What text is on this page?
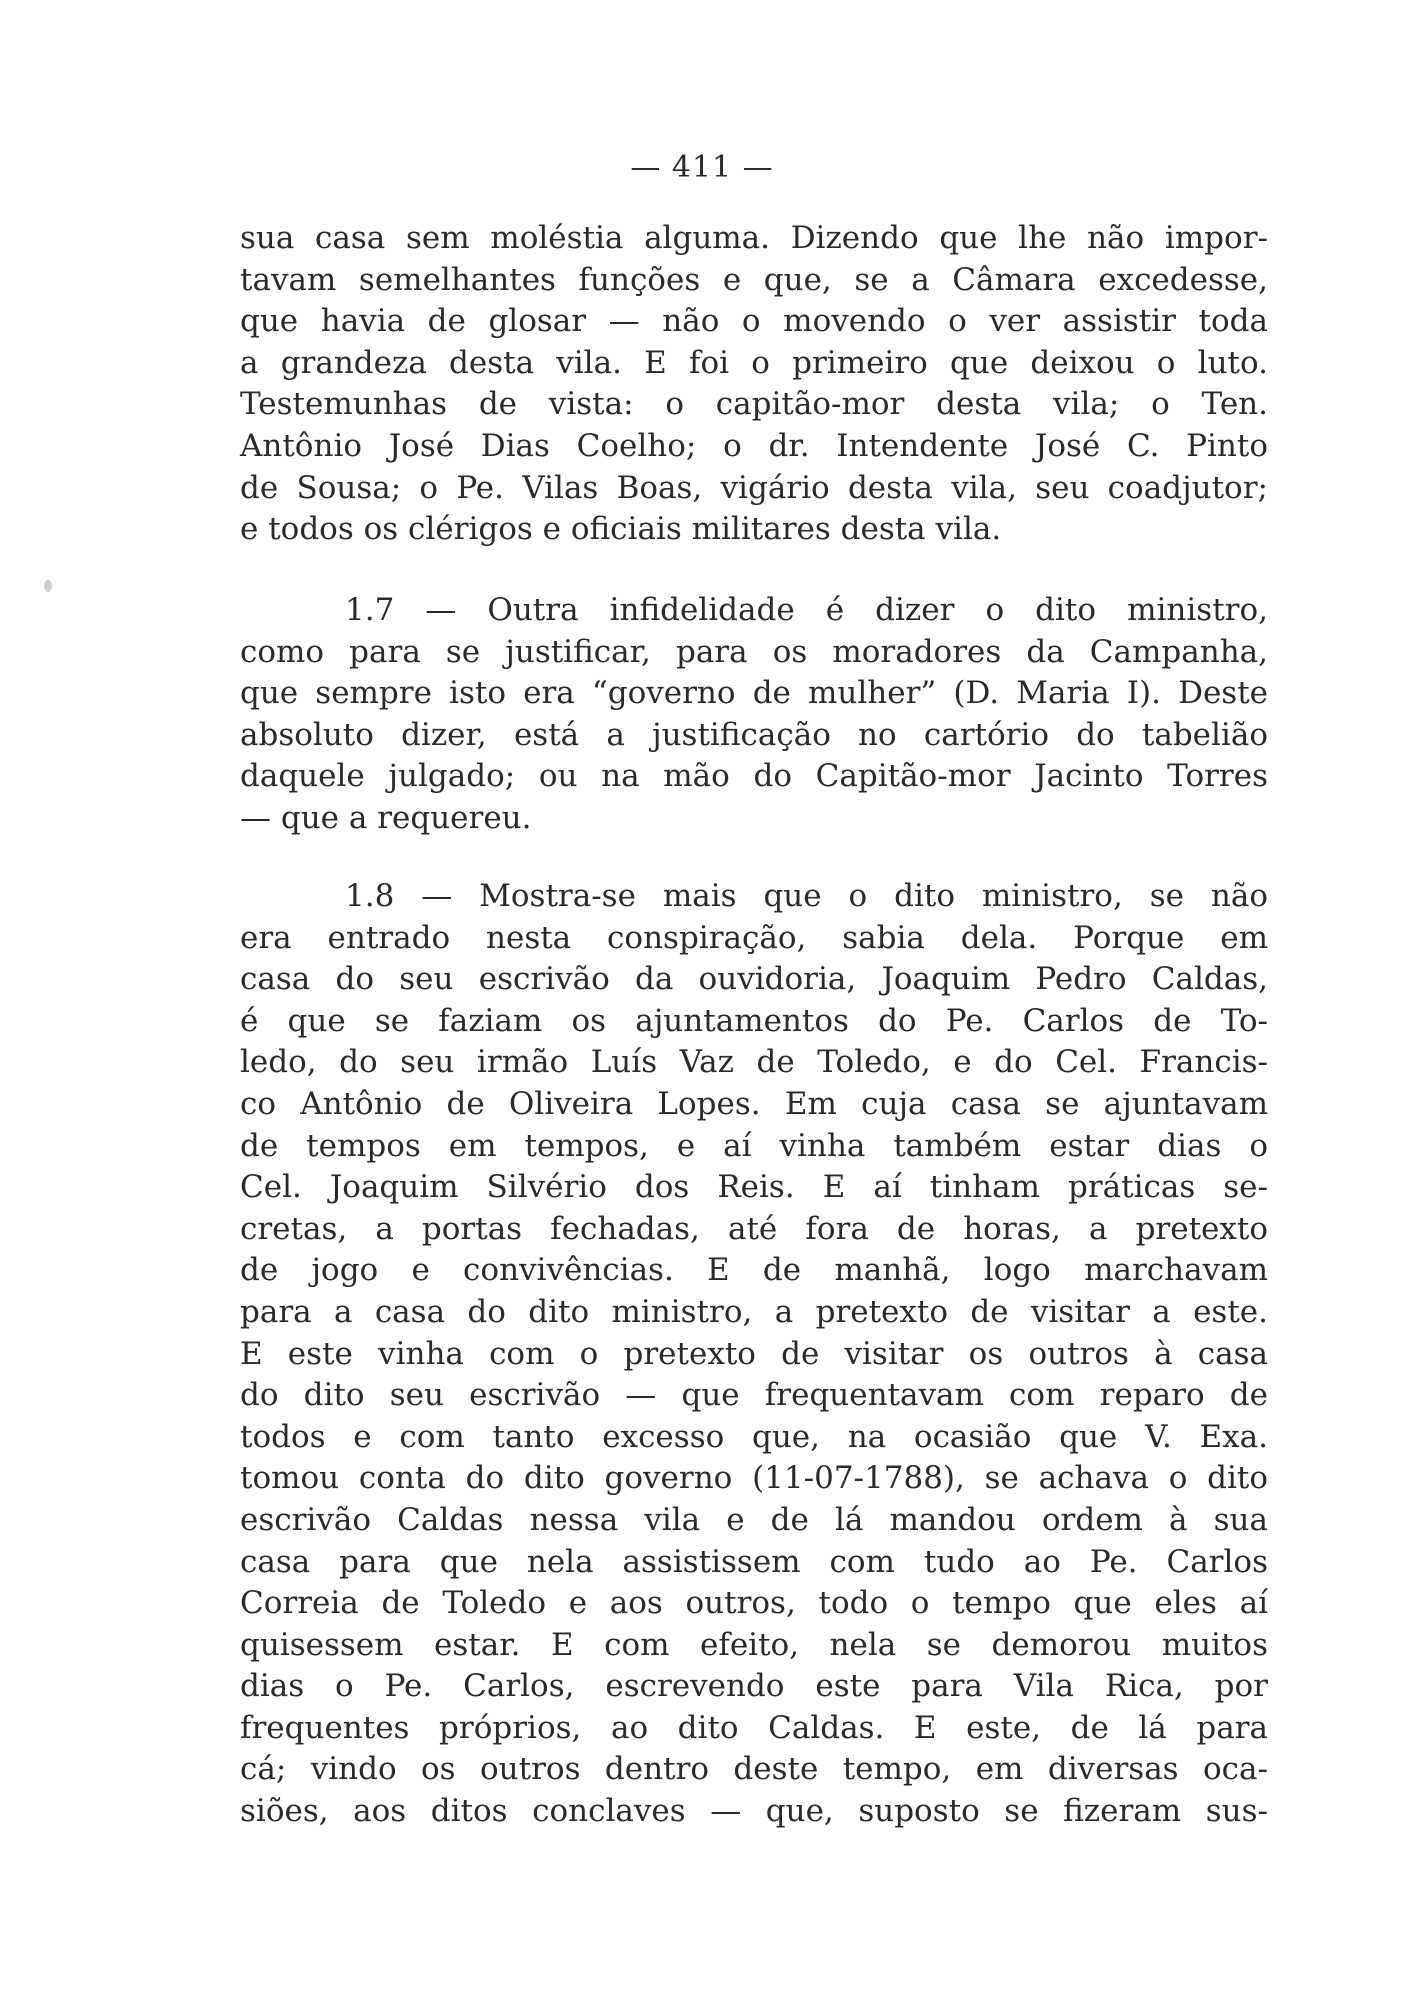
— 411 —
sua casa sem moléstia alguma. Dizendo que lhe não impor-
tavam semelhantes funções e que, se a Câmara excedesse,
que havia de glosar — não o movendo o ver assistir toda
a grandeza desta vila. E foi o primeiro que deixou o luto.
Testemunhas de vista: o capitão-mor desta vila; o Ten.
Antônio José Dias Coelho; o dr. Intendente José C. Pinto
de Sousa; o Pe. Vilas Boas, vigário desta vila, seu coadjutor;
e todos os clérigos e oficiais militares desta vila.
1.7 — Outra infidelidade é dizer o dito ministro,
como para se justificar, para os moradores da Campanha,
que sempre isto era “governo de mulher” (D. Maria I). Deste
absoluto dizer, está a justificação no cartório do tabelião
daquele julgado; ou na mão do Capitão-mor Jacinto Torres
— que a requereu.
1.8 — Mostra-se mais que o dito ministro, se não
era entrado nesta conspiração, sabia dela. Porque em
casa do seu escrivão da ouvidoria, Joaquim Pedro Caldas,
é que se faziam os ajuntamentos do Pe. Carlos de To-
ledo, do seu irmão Luís Vaz de Toledo, e do Cel. Francis-
co Antônio de Oliveira Lopes. Em cuja casa se ajuntavam
de tempos em tempos, e aí vinha também estar dias o
Cel. Joaquim Silvério dos Reis. E aí tinham práticas se-
cretas, a portas fechadas, até fora de horas, a pretexto
de jogo e convivências. E de manhã, logo marchavam
para a casa do dito ministro, a pretexto de visitar a este.
E este vinha com o pretexto de visitar os outros à casa
do dito seu escrivão — que frequentavam com reparo de
todos e com tanto excesso que, na ocasião que V. Exa.
tomou conta do dito governo (11-07-1788), se achava o dito
escrivão Caldas nessa vila e de lá mandou ordem à sua
casa para que nela assistissem com tudo ao Pe. Carlos
Correia de Toledo e aos outros, todo o tempo que eles aí
quisessem estar. E com efeito, nela se demorou muitos
dias o Pe. Carlos, escrevendo este para Vila Rica, por
frequentes próprios, ao dito Caldas. E este, de lá para
cá; vindo os outros dentro deste tempo, em diversas oca-
siões, aos ditos conclaves — que, suposto se fizeram sus-
